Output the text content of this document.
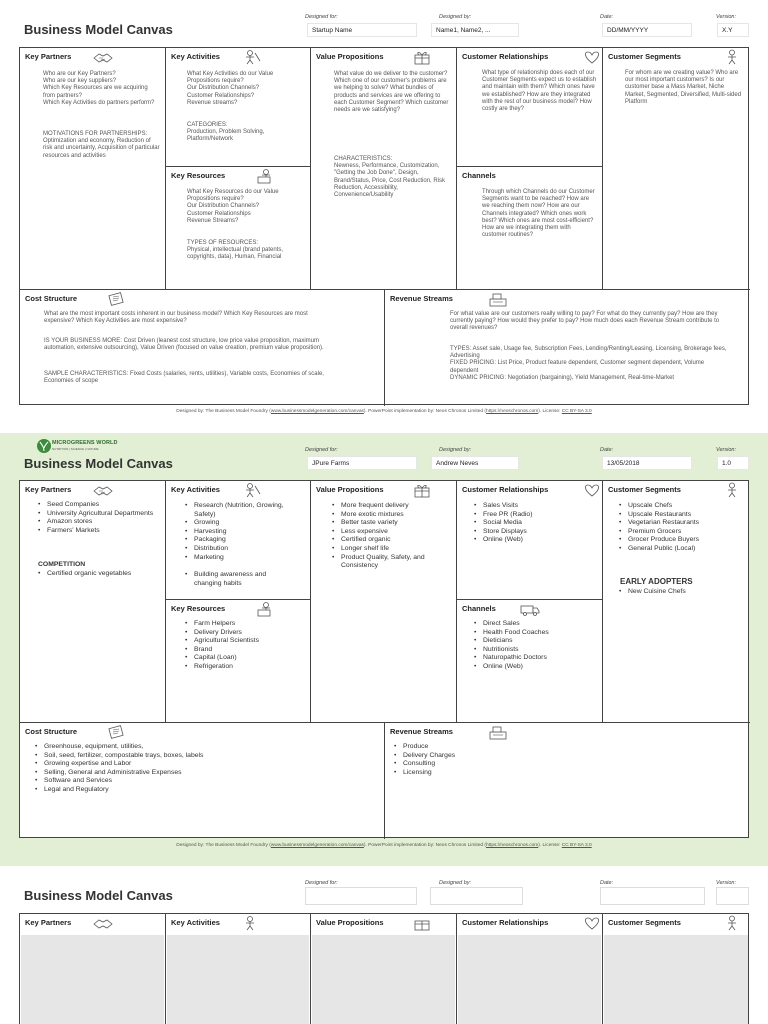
Business Model Canvas
Designed for:
Startup Name
Designed by:
Name1, Name2, ...
Date:
DD/MM/YYYY
Version:
X.Y
Key Partners
Who are our Key Partners?
Who are our key suppliers?
Which Key Resources are we acquiring from partners?
Which Key Activities do partners perform?
MOTIVATIONS FOR PARTNERSHIPS:
Optimization and economy, Reduction of risk and uncertainty, Acquisition of particular resources and activities
Key Activities
What Key Activities do our Value Propositions require?
Our Distribution Channels?
Customer Relationships?
Revenue streams?
CATEGORIES:
Production, Problem Solving, Platform/Network
Key Resources
What Key Resources do our Value Propositions require?
Our Distribution Channels?
Customer Relationships
Revenue Streams?
TYPES OF RESOURCES:
Physical, intellectual (brand patents, copyrights, data), Human, Financial
Value Propositions
What value do we deliver to the customer? Which one of our customer's problems are we helping to solve? What bundles of products and services are we offering to each Customer Segment? Which customer needs are we satisfying?
CHARACTERISTICS:
Newness, Performance, Customization, "Getting the Job Done", Design, Brand/Status, Price, Cost Reduction, Risk Reduction, Accessibility, Convenience/Usability
Customer Relationships
What type of relationship does each of our Customer Segments expect us to establish and maintain with them? Which ones have we established? How are they integrated with the rest of our business model? How costly are they?
Channels
Through which Channels do our Customer Segments want to be reached? How are we reaching them now? How are our Channels integrated? Which ones work best? Which ones are most cost-efficient? How are we integrating them with customer routines?
Customer Segments
For whom are we creating value? Who are our most important customers? Is our customer base a Mass Market, Niche Market, Segmented, Diversified, Multi-sided Platform
Cost Structure
What are the most important costs inherent in our business model? Which Key Resources are most expensive? Which Key Activities are most expensive?
IS YOUR BUSINESS MORE: Cost Driven (leanest cost structure, low price value proposition, maximum automation, extensive outsourcing), Value Driven (focused on value creation, premium value proposition).
SAMPLE CHARACTERISTICS: Fixed Costs (salaries, rents, utilities), Variable costs, Economies of scale, Economies of scope
Revenue Streams
For what value are our customers really willing to pay? For what do they currently pay? How are they currently paying? How would they prefer to pay? How much does each Revenue Stream contribute to overall revenues?
TYPES: Asset sale, Usage fee, Subscription Fees, Lending/Renting/Leasing, Licensing, Brokerage fees, Advertising
FIXED PRICING: List Price, Product feature dependent, Customer segment dependent, Volume dependent
DYNAMIC PRICING: Negotiation (bargaining), Yield Management, Real-time-Market
Designed by: The Business Model Foundry (www.businessmodelgeneration.com/canvas). PowerPoint implementation by: Neos Chronos Limited (https://neoschronos.com). License: CC BY-SA 3.0
MICROGREENS WORLD
NUTRITION | SCIENCE | NATURE
Business Model Canvas
Designed for:
JPure Farms
Designed by:
Andrew Neves
Date:
13/05/2018
Version:
1.0
Key Partners
• Seed Companies
• University Agricultural Departments
• Amazon stores
• Farmers' Markets
COMPETITION
• Certified organic vegetables
Key Activities
• Research (Nutrition, Growing, Safety)
• Growing
• Harvesting
• Packaging
• Distribution
• Marketing
• Building awareness and changing habits
Key Resources
• Farm Helpers
• Delivery Drivers
• Agricultural Scientists
• Brand
• Capital (Loan)
• Refrigeration
Value Propositions
• More frequent delivery
• More exotic mixtures
• Better taste variety
• Less expensive
• Certified organic
• Longer shelf life
• Product Quality, Safety, and Consistency
Customer Relationships
• Sales Visits
• Free PR (Radio)
• Social Media
• Store Displays
• Online (Web)
Channels
• Direct Sales
• Health Food Coaches
• Dieticians
• Nutritionists
• Naturopathic Doctors
• Online (Web)
Customer Segments
• Upscale Chefs
• Upscale Restaurants
• Vegetarian Restaurants
• Premium Grocers
• Grocer Produce Buyers
• General Public (Local)
EARLY ADOPTERS
• New Cuisine Chefs
Cost Structure
• Greenhouse, equipment, utilities,
• Soil, seed, fertilizer, compostable trays, boxes, labels
• Growing expertise and Labor
• Selling, General and Administrative Expenses
• Software and Services
• Legal and Regulatory
Revenue Streams
• Produce
• Delivery Charges
• Consulting
• Licensing
Designed by: The Business Model Foundry (www.businessmodelgeneration.com/canvas). PowerPoint implementation by: Neos Chronos Limited (https://neoschronos.com). License: CC BY-SA 3.0
Business Model Canvas
Designed for:	Designed by:	Date:	Version:
Key Partners	Key Activities	Value Propositions	Customer Relationships	Customer Segments
